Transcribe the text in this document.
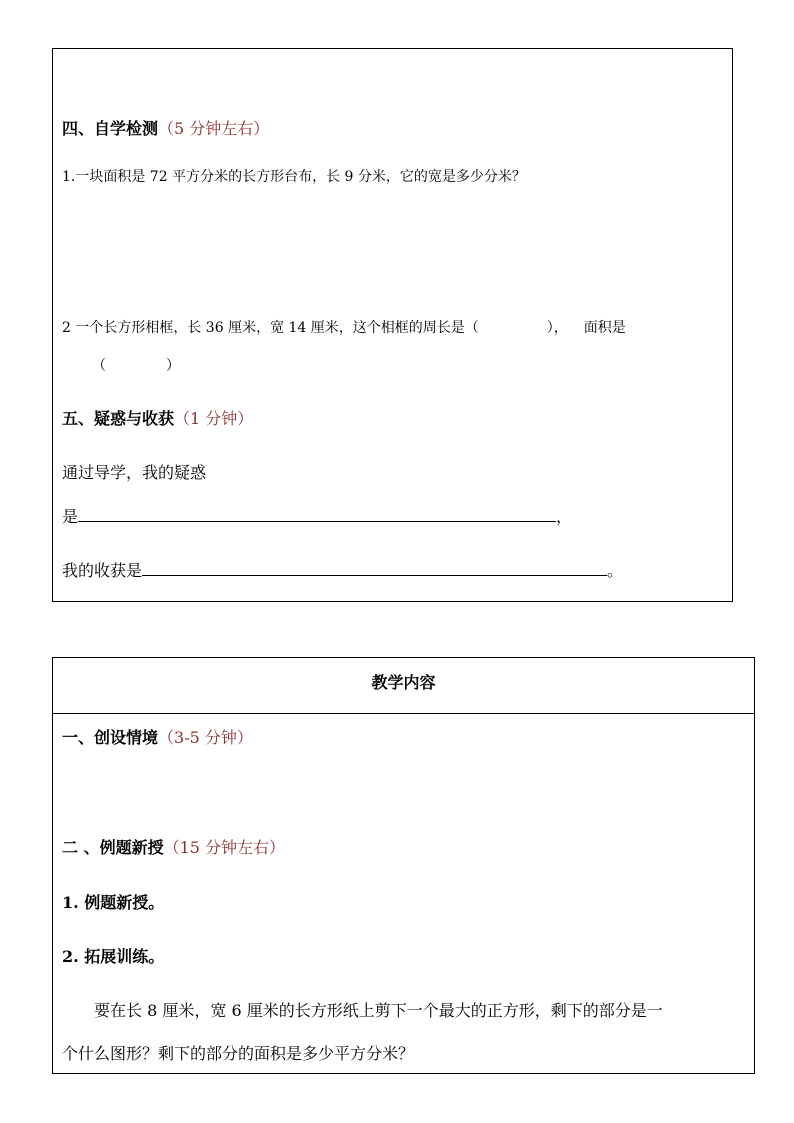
四、自学检测（5 分钟左右）
1.一块面积是 72 平方分米的长方形台布，长 9 分米，它的宽是多少分米？
2 一个长方形相框，长 36 厘米，宽 14 厘米，这个相框的周长是（	）， 面积是
（	）
五、疑惑与收获（1 分钟）
通过导学，我的疑惑
是	，
我的收获是	。
教学内容
一、创设情境（3-5 分钟）
二 、例题新授（15 分钟左右）
1. 例题新授。
2. 拓展训练。
要在长 8 厘米，宽 6 厘米的长方形纸上剪下一个最大的正方形，剩下的部分是一
个什么图形？剩下的部分的面积是多少平方分米？
